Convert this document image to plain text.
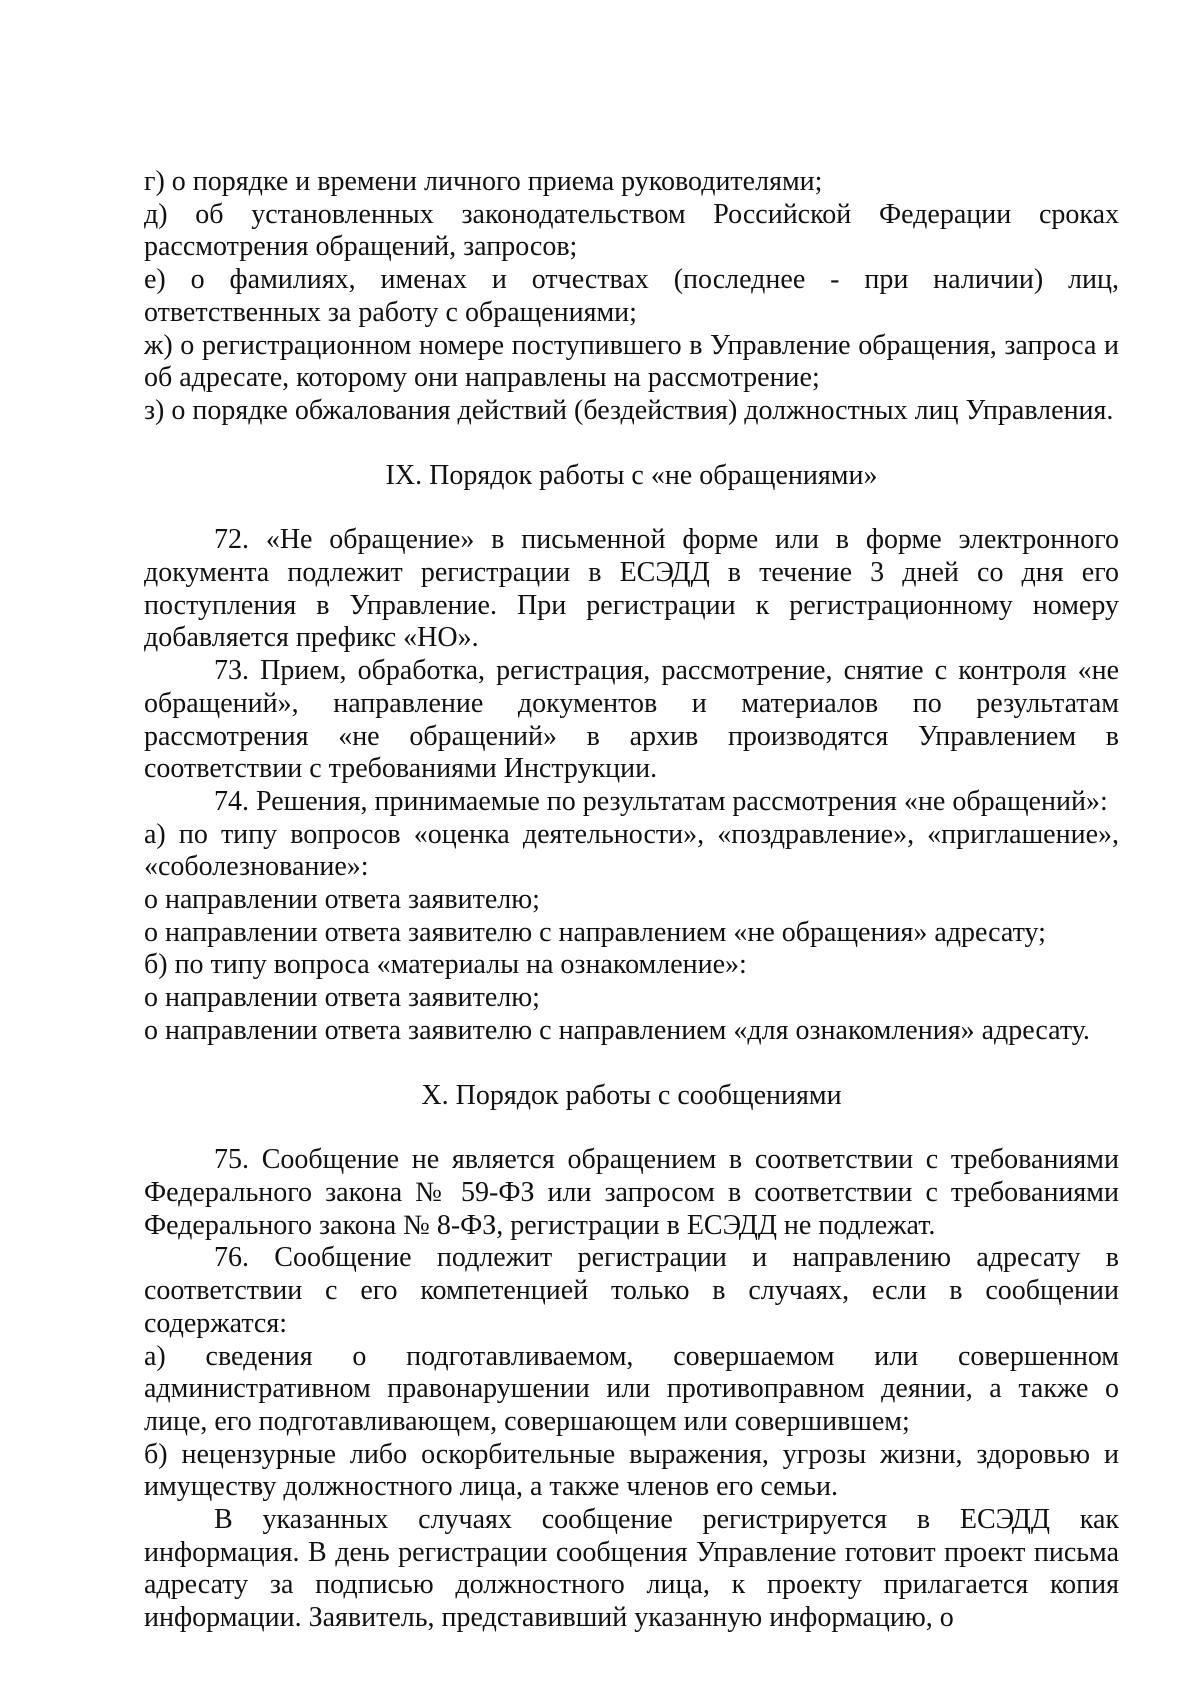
г) о порядке и времени личного приема руководителями;

д) об установленных законодательством Российской Федерации сроках рассмотрения обращений, запросов;

е) о фамилиях, именах и отчествах (последнее - при наличии) лиц, ответственных за работу с обращениями;

ж) о регистрационном номере поступившего в Управление обращения, запроса и об адресате, которому они направлены на рассмотрение;

з) о порядке обжалования действий (бездействия) должностных лиц Управления.

IX. Порядок работы с «не обращениями»

72. «Не обращение» в письменной форме или в форме электронного документа подлежит регистрации в ЕСЭДД в течение 3 дней со дня его поступления в Управление. При регистрации к регистрационному номеру добавляется префикс «НО».

73. Прием, обработка, регистрация, рассмотрение, снятие с контроля «не обращений», направление документов и материалов по результатам рассмотрения «не обращений» в архив производятся Управлением в соответствии с требованиями Инструкции.

74. Решения, принимаемые по результатам рассмотрения «не обращений»:

а) по типу вопросов «оценка деятельности», «поздравление», «приглашение», «соболезнование»:

о направлении ответа заявителю;

о направлении ответа заявителю с направлением «не обращения» адресату;

б) по типу вопроса «материалы на ознакомление»:

о направлении ответа заявителю;

о направлении ответа заявителю с направлением «для ознакомления» адресату.

X. Порядок работы с сообщениями

75. Сообщение не является обращением в соответствии с требованиями Федерального закона № 59-ФЗ или запросом в соответствии с требованиями Федерального закона № 8-ФЗ, регистрации в ЕСЭДД не подлежат.

76. Сообщение подлежит регистрации и направлению адресату в соответствии с его компетенцией только в случаях, если в сообщении содержатся:

а) сведения о подготавливаемом, совершаемом или совершенном административном правонарушении или противоправном деянии, а также о лице, его подготавливающем, совершающем или совершившем;

б) нецензурные либо оскорбительные выражения, угрозы жизни, здоровью и имуществу должностного лица, а также членов его семьи.

В указанных случаях сообщение регистрируется в ЕСЭДД как информация. В день регистрации сообщения Управление готовит проект письма адресату за подписью должностного лица, к проекту прилагается копия информации. Заявитель, представивший указанную информацию, о
